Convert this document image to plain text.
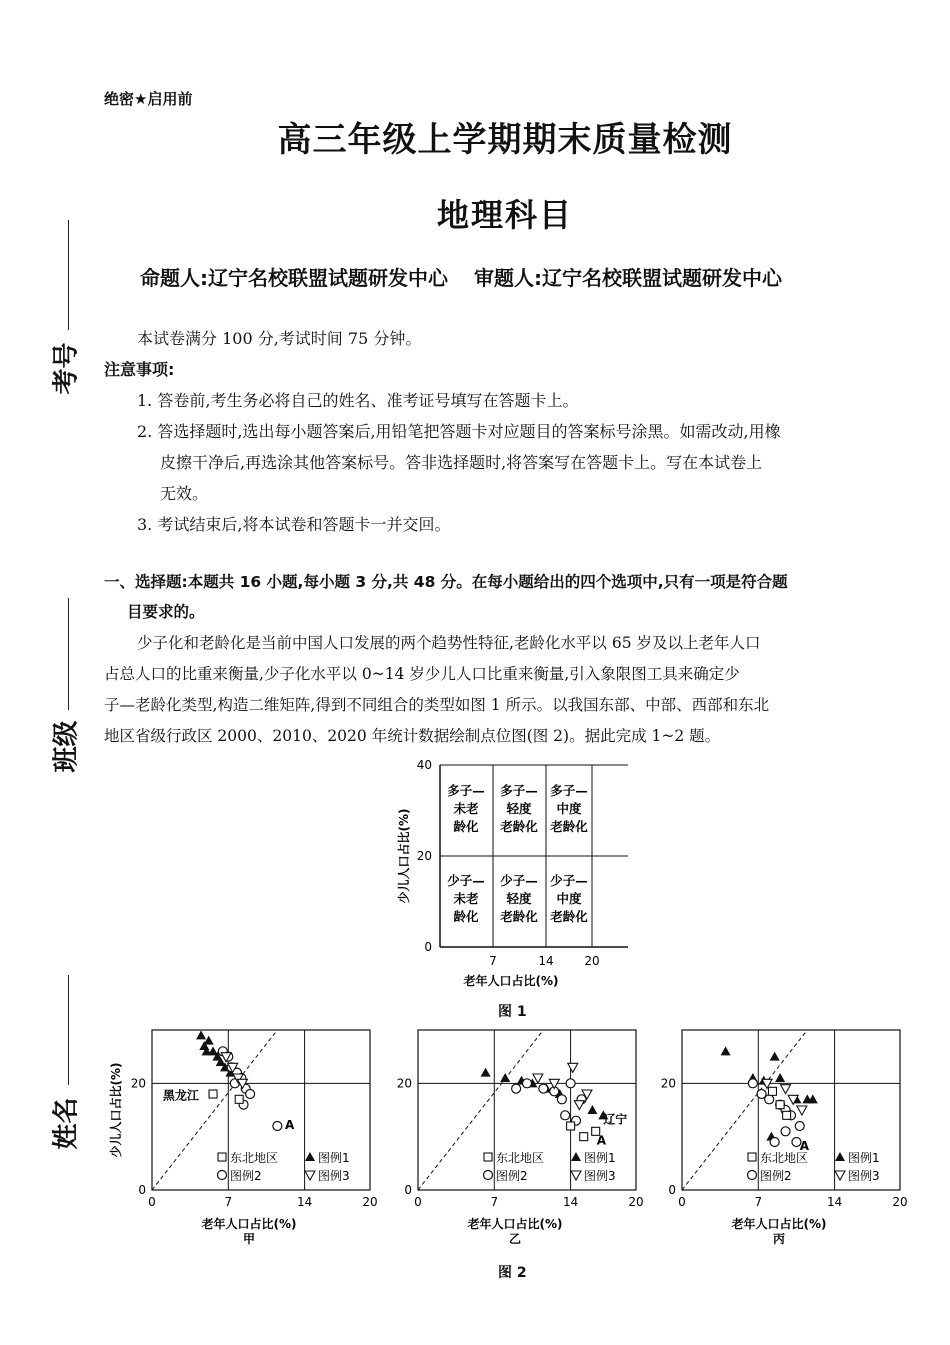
绝密★启用前
高三年级上学期期末质量检测
地理科目
命题人:辽宁名校联盟试题研发中心 审题人:辽宁名校联盟试题研发中心
考号
班级
姓名
本试卷满分 100 分,考试时间 75 分钟。
注意事项:
1. 答卷前,考生务必将自己的姓名、准考证号填写在答题卡上。
2. 答选择题时,选出每小题答案后,用铅笔把答题卡对应题目的答案标号涂黑。如需改动,用橡
皮擦干净后,再选涂其他答案标号。答非选择题时,将答案写在答题卡上。写在本试卷上
无效。
3. 考试结束后,将本试卷和答题卡一并交回。
一、选择题:本题共 16 小题,每小题 3 分,共 48 分。在每小题给出的四个选项中,只有一项是符合题
目要求的。
少子化和老龄化是当前中国人口发展的两个趋势性特征,老龄化水平以 65 岁及以上老年人口
占总人口的比重来衡量,少子化水平以 0~14 岁少儿人口比重来衡量,引入象限图工具来确定少
子—老龄化类型,构造二维矩阵,得到不同组合的类型如图 1 所示。以我国东部、中部、西部和东北
地区省级行政区 2000、2010、2020 年统计数据绘制点位图(图 2)。据此完成 1~2 题。
40
20
0
7	14	20
老年人口占比(%)
少儿人口占比(%)
多子—
未老
龄化
多子—
轻度
老龄化
多子—
中度
老龄化
少子—
未老
龄化
少子—
轻度
老龄化
少子—
中度
老龄化
图 1
0	7	14	20
20
0
老年人口占比(%)
甲
东北地区	图例1
图例2	图例3
0	7	14	20
20
0
老年人口占比(%)
乙
东北地区	图例1
图例2	图例3
0	7	14	20
20
0
老年人口占比(%)
丙
东北地区	图例1
图例2	图例3
黑龙江
A	辽宁
A	A
少儿人口占比(%)
图 2
